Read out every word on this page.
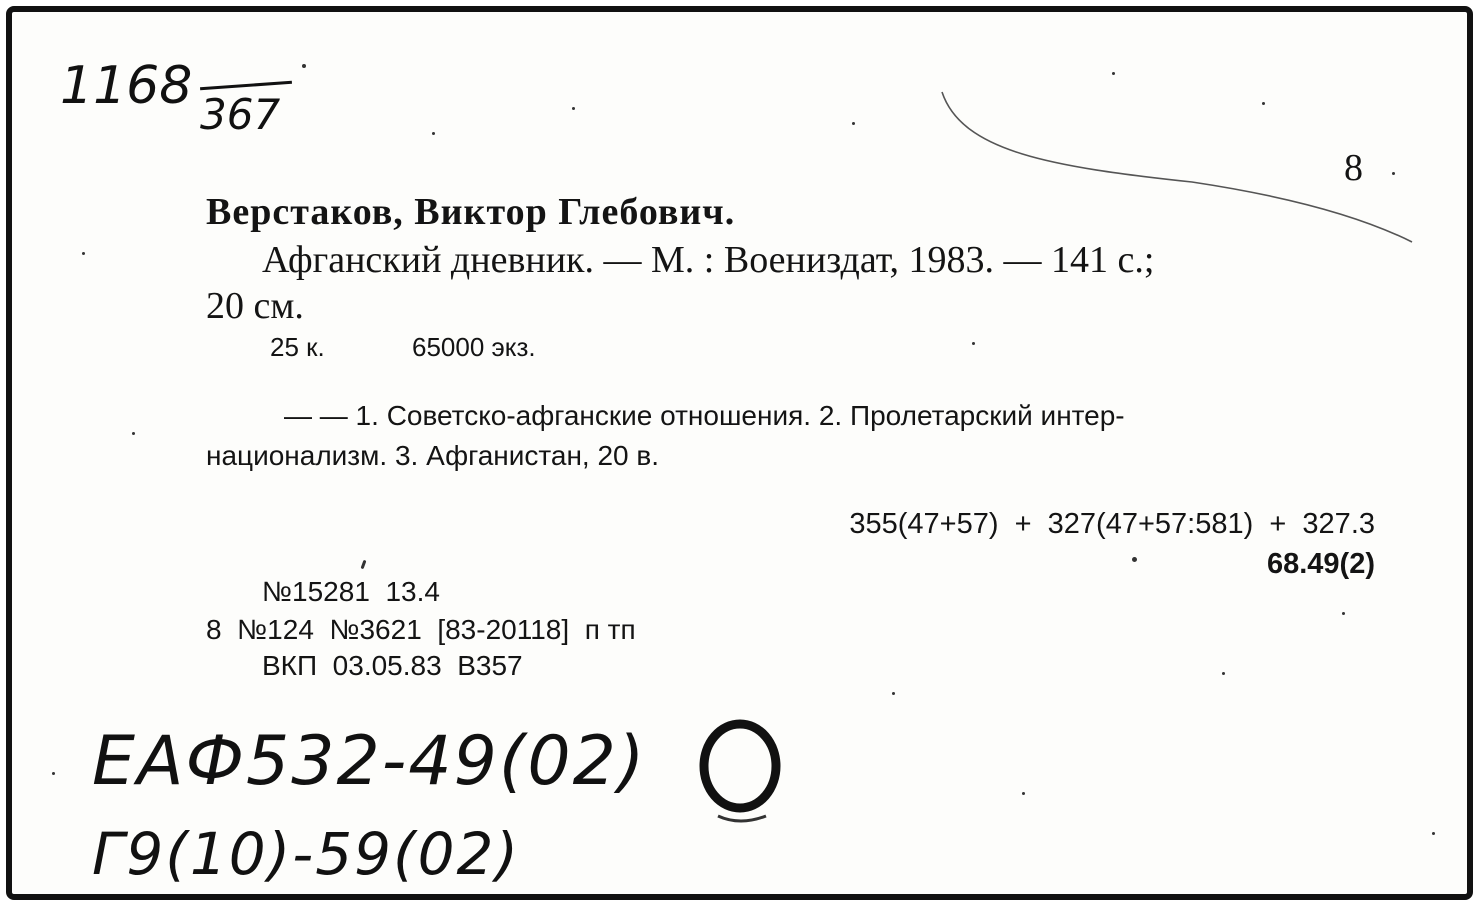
1168 367
8
Верстаков, Виктор Глебович.
Афганский дневник. — М. : Воениздат, 1983. — 141 с.;
20 см.
25 к.	65000 экз.
— — 1. Советско-афганские отношения. 2. Пролетарский интер-
национализм. 3. Афганистан, 20 в.
355(47+57)  +  327(47+57:581)  +  327.3
68.49(2)
№15281  13.4
8  №124  №3621  [83-20118]  п тп
ВКП  03.05.83  В357
ЕАФ532-49(02)
Г9(10)-59(02)
